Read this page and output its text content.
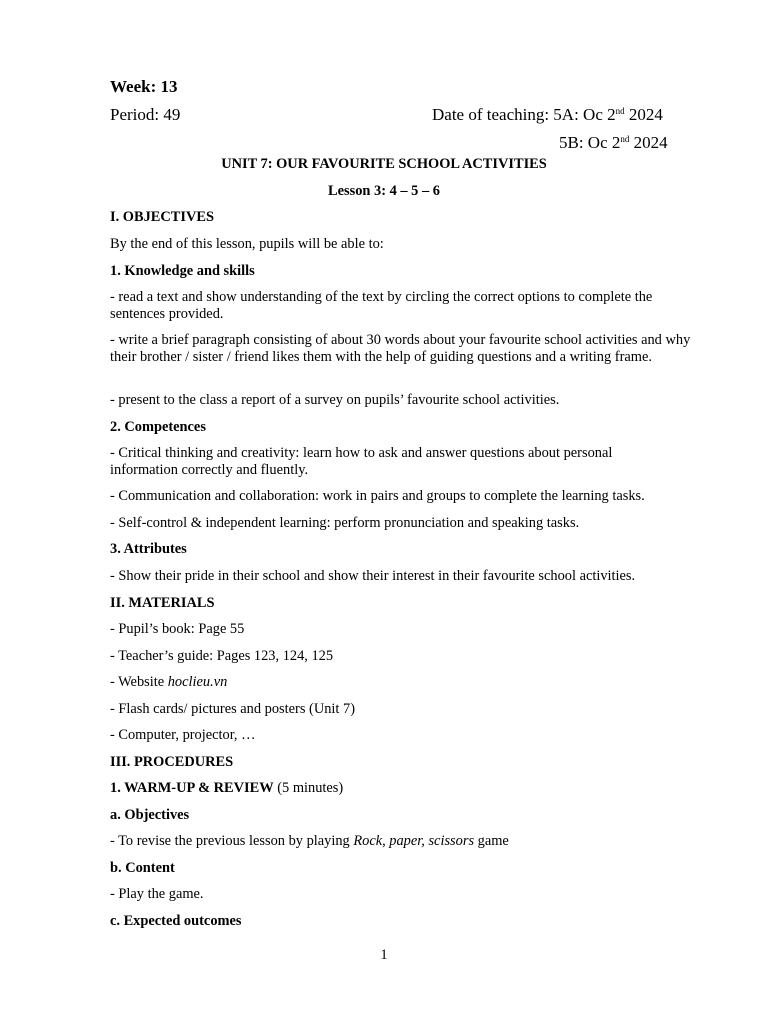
Week: 13
Period: 49	Date of teaching: 5A: Oc 2nd 2024
5B: Oc 2nd 2024
UNIT 7: OUR FAVOURITE SCHOOL ACTIVITIES
Lesson 3: 4 – 5 – 6
I. OBJECTIVES
By the end of this lesson, pupils will be able to:
1. Knowledge and skills
- read a text and show understanding of the text by circling the correct options to complete the sentences provided.
- write a brief paragraph consisting of about 30 words about your favourite school activities and why their brother / sister / friend likes them with the help of guiding questions and a writing frame.
- present to the class a report of a survey on pupils’ favourite school activities.
2. Competences
- Critical thinking and creativity: learn how to ask and answer questions about personal information correctly and fluently.
- Communication and collaboration: work in pairs and groups to complete the learning tasks.
- Self-control & independent learning: perform pronunciation and speaking tasks.
3. Attributes
- Show their pride in their school and show their interest in their favourite school activities.
II. MATERIALS
- Pupil’s book: Page 55
- Teacher’s guide: Pages 123, 124, 125
- Website hoclieu.vn
- Flash cards/ pictures and posters (Unit 7)
- Computer, projector, …
III. PROCEDURES
1. WARM-UP & REVIEW (5 minutes)
a. Objectives
- To revise the previous lesson by playing Rock, paper, scissors game
b. Content
- Play the game.
c. Expected outcomes
1
